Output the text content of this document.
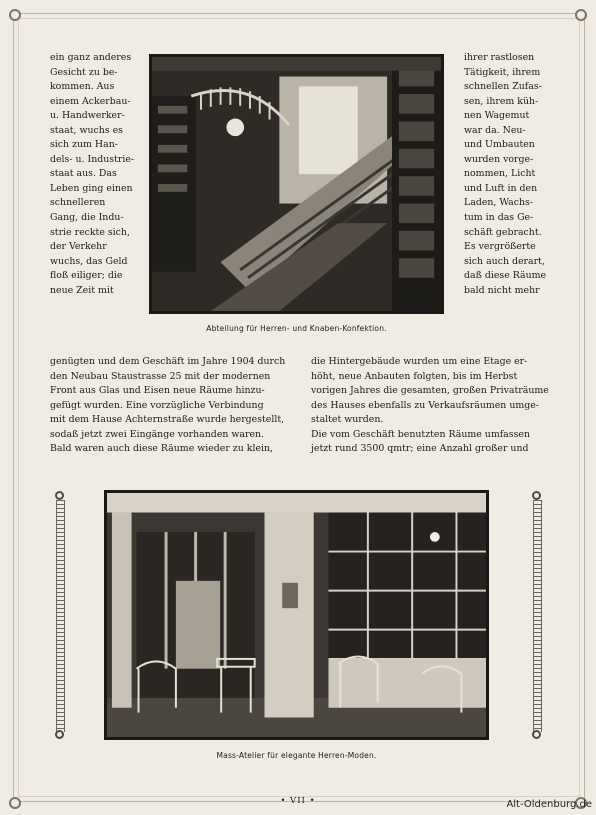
ein ganz anderes
Gesicht zu be-
kommen. Aus
einem Ackerbau-
u. Handwerker-
staat, wuchs es
sich zum Han-
dels- u. Industrie-
staat aus. Das
Leben ging einen
schnelleren
Gang, die Indu-
strie reckte sich,
der Verkehr
wuchs, das Geld
floß eiliger; die
neue Zeit mit
ihrer rastlosen
Tätigkeit, ihrem
schnellen Zufas-
sen, ihrem küh-
nen Wagemut
war da. Neu-
und Umbauten
wurden vorge-
nommen, Licht
und Luft in den
Laden, Wachs-
tum in das Ge-
schäft gebracht.
Es vergrößerte
sich auch derart,
daß diese Räume
bald nicht mehr
Abteilung für Herren- und Knaben-Konfektion.
genügten und dem Geschäft im Jahre 1904 durch
den Neubau Staustrasse 25 mit der modernen
Front aus Glas und Eisen neue Räume hinzu-
gefügt wurden. Eine vorzügliche Verbindung
mit dem Hause Achternstraße wurde hergestellt,
sodaß jetzt zwei Eingänge vorhanden waren.
Bald waren auch diese Räume wieder zu klein,
die Hintergebäude wurden um eine Etage er-
höht, neue Anbauten folgten, bis im Herbst
vorigen Jahres die gesamten, großen Privaträume
des Hauses ebenfalls zu Verkaufsräumen umge-
staltet wurden.
Die vom Geschäft benutzten Räume umfassen
jetzt rund 3500 qmtr; eine Anzahl großer und
Mass-Atelier für elegante Herren-Moden.
• VII •	Alt-Oldenburg.de
